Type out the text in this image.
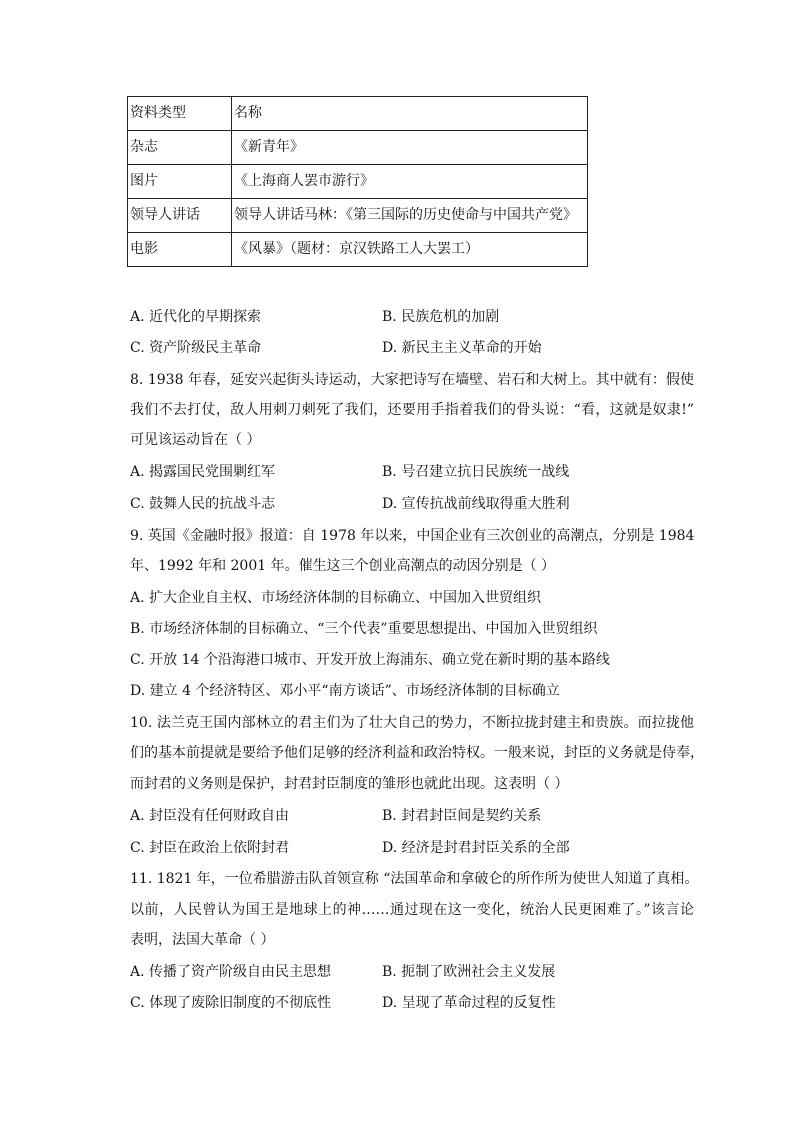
资料类型	名称
杂志	《新青年》
图片	《上海商人罢市游行》
领导人讲话	领导人讲话马林：《第三国际的历史使命与中国共产党》
电影	《风暴》（题材：京汉铁路工人大罢工）
A. 近代化的早期探索	B. 民族危机的加剧
C. 资产阶级民主革命	D. 新民主主义革命的开始
8. 1938 年春，延安兴起街头诗运动，大家把诗写在墙壁、岩石和大树上。其中就有：假使
我们不去打仗，敌人用刺刀刺死了我们，还要用手指着我们的骨头说：“看，这就是奴隶!”
可见该运动旨在（ ）
A. 揭露国民党围剿红军	B. 号召建立抗日民族统一战线
C. 鼓舞人民的抗战斗志	D. 宣传抗战前线取得重大胜利
9. 英国《金融时报》报道：自 1978 年以来，中国企业有三次创业的高潮点，分别是 1984
年、1992 年和 2001 年。催生这三个创业高潮点的动因分别是（ ）
A. 扩大企业自主权、市场经济体制的目标确立、中国加入世贸组织
B. 市场经济体制的目标确立、“三个代表”重要思想提出、中国加入世贸组织
C. 开放 14 个沿海港口城市、开发开放上海浦东、确立党在新时期的基本路线
D. 建立 4 个经济特区、邓小平“南方谈话”、市场经济体制的目标确立
10. 法兰克王国内部林立的君主们为了壮大自己的势力，不断拉拢封建主和贵族。而拉拢他
们的基本前提就是要给予他们足够的经济利益和政治特权。一般来说，封臣的义务就是侍奉，
而封君的义务则是保护，封君封臣制度的雏形也就此出现。这表明（ ）
A. 封臣没有任何财政自由	B. 封君封臣间是契约关系
C. 封臣在政治上依附封君	D. 经济是封君封臣关系的全部
11. 1821 年，一位希腊游击队首领宣称 “法国革命和拿破仑的所作所为使世人知道了真相。
以前，人民曾认为国王是地球上的神……通过现在这一变化，统治人民更困难了。”该言论
表明，法国大革命（ ）
A. 传播了资产阶级自由民主思想	B. 扼制了欧洲社会主义发展
C. 体现了废除旧制度的不彻底性	D. 呈现了革命过程的反复性
